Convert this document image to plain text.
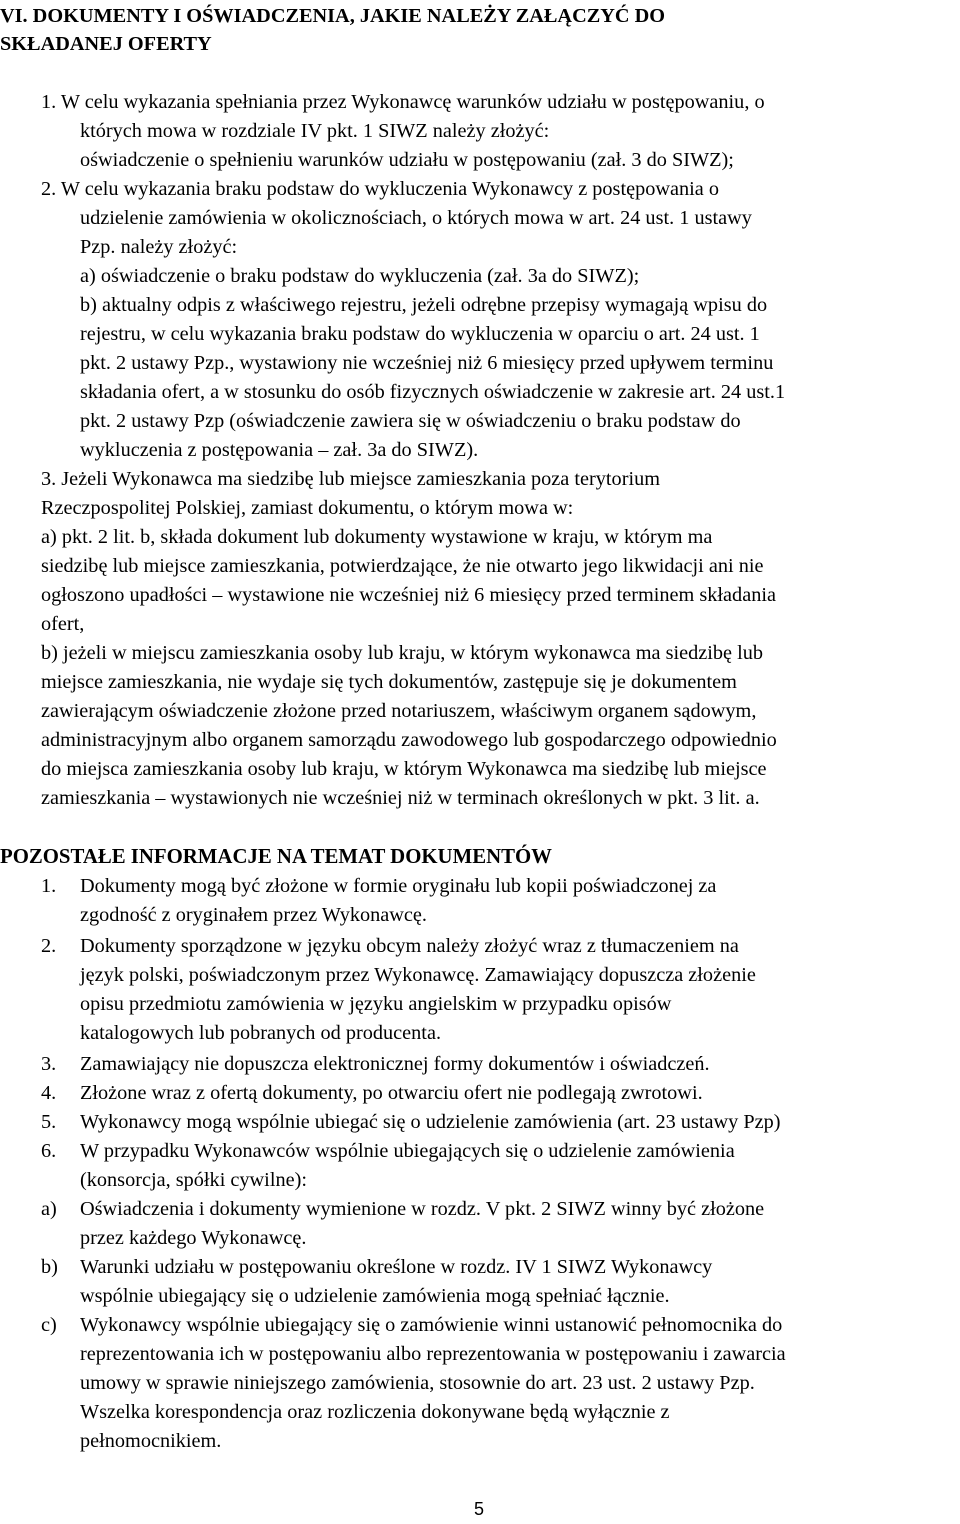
VI. DOKUMENTY I OŚWIADCZENIA, JAKIE NALEŻY ZAŁĄCZYĆ DO
SKŁADANEJ OFERTY
1. W celu wykazania spełniania przez Wykonawcę warunków udziału w postępowaniu, o
których mowa w rozdziale IV pkt. 1 SIWZ należy złożyć:
oświadczenie o spełnieniu warunków udziału w postępowaniu (zał. 3 do SIWZ);
2. W celu wykazania braku podstaw do wykluczenia Wykonawcy z postępowania o
udzielenie zamówienia w okolicznościach, o których mowa w art. 24 ust. 1 ustawy
Pzp. należy złożyć:
a) oświadczenie o braku podstaw do wykluczenia (zał. 3a do SIWZ);
b) aktualny odpis z właściwego rejestru, jeżeli odrębne przepisy wymagają wpisu do
rejestru, w celu wykazania braku podstaw do wykluczenia w oparciu o art. 24 ust. 1
pkt. 2 ustawy Pzp., wystawiony nie wcześniej niż 6 miesięcy przed upływem terminu
składania ofert, a w stosunku do osób fizycznych oświadczenie w zakresie art. 24 ust.1
pkt. 2 ustawy Pzp (oświadczenie zawiera się w oświadczeniu o braku podstaw do
wykluczenia z postępowania – zał. 3a do SIWZ).
3. Jeżeli Wykonawca ma siedzibę lub miejsce zamieszkania poza terytorium
Rzeczpospolitej Polskiej, zamiast dokumentu, o którym mowa w:
a) pkt. 2 lit. b, składa dokument lub dokumenty wystawione w kraju, w którym ma
siedzibę lub miejsce zamieszkania, potwierdzające, że nie otwarto jego likwidacji ani nie
ogłoszono upadłości – wystawione nie wcześniej niż 6 miesięcy przed terminem składania
ofert,
b) jeżeli w miejscu zamieszkania osoby lub kraju, w którym wykonawca ma siedzibę lub
miejsce zamieszkania, nie wydaje się tych dokumentów, zastępuje się je dokumentem
zawierającym oświadczenie złożone przed notariuszem, właściwym organem sądowym,
administracyjnym albo organem samorządu zawodowego lub gospodarczego odpowiednio
do miejsca zamieszkania osoby lub kraju, w którym Wykonawca ma siedzibę lub miejsce
zamieszkania – wystawionych nie wcześniej niż w terminach określonych w pkt. 3 lit. a.
POZOSTAŁE INFORMACJE NA TEMAT DOKUMENTÓW
1. Dokumenty mogą być złożone w formie oryginału lub kopii poświadczonej za
zgodność z oryginałem przez Wykonawcę.
2. Dokumenty sporządzone w języku obcym należy złożyć wraz z tłumaczeniem na
język polski, poświadczonym przez Wykonawcę. Zamawiający dopuszcza złożenie
opisu przedmiotu zamówienia w języku angielskim w przypadku opisów
katalogowych lub pobranych od producenta.
3. Zamawiający nie dopuszcza elektronicznej formy dokumentów i oświadczeń.
4. Złożone wraz z ofertą dokumenty, po otwarciu ofert nie podlegają zwrotowi.
5. Wykonawcy mogą wspólnie ubiegać się o udzielenie zamówienia (art. 23 ustawy Pzp)
6. W przypadku Wykonawców wspólnie ubiegających się o udzielenie zamówienia
(konsorcja, spółki cywilne):
a) Oświadczenia i dokumenty wymienione w rozdz. V pkt. 2 SIWZ winny być złożone
przez każdego Wykonawcę.
b) Warunki udziału w postępowaniu określone w rozdz. IV 1 SIWZ Wykonawcy
wspólnie ubiegający się o udzielenie zamówienia mogą spełniać łącznie.
c) Wykonawcy wspólnie ubiegający się o zamówienie winni ustanowić pełnomocnika do
reprezentowania ich w postępowaniu albo reprezentowania w postępowaniu i zawarcia
umowy w sprawie niniejszego zamówienia, stosownie do art. 23 ust. 2 ustawy Pzp.
Wszelka korespondencja oraz rozliczenia dokonywane będą wyłącznie z
pełnomocnikiem.
5
